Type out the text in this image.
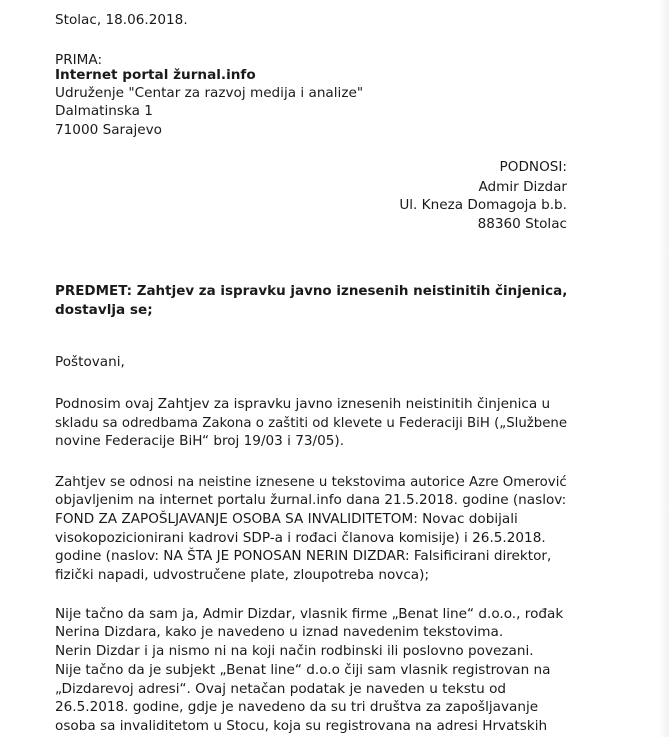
Stolac, 18.06.2018.
PRIMA:
Internet portal žurnal.info
Udruženje "Centar za razvoj medija i analize"
Dalmatinska 1
71000 Sarajevo
PODNOSI:
Admir Dizdar
Ul. Kneza Domagoja b.b.
88360 Stolac
PREDMET: Zahtjev za ispravku javno iznesenih neistinitih činjenica,
dostavlja se;
Poštovani,
Podnosim ovaj Zahtjev za ispravku javno iznesenih neistinitih činjenica u
skladu sa odredbama Zakona o zaštiti od klevete u Federaciji BiH („Službene
novine Federacije BiH“ broj 19/03 i 73/05).
Zahtjev se odnosi na neistine iznesene u tekstovima autorice Azre Omerović
objavljenim na internet portalu žurnal.info dana 21.5.2018. godine (naslov:
FOND ZA ZAPOŠLJAVANJE OSOBA SA INVALIDITETOM: Novac dobijali
visokopozicionirani kadrovi SDP-a i rođaci članova komisije) i 26.5.2018.
godine (naslov: NA ŠTA JE PONOSAN NERIN DIZDAR: Falsificirani direktor,
fizički napadi, udvostručene plate, zloupotreba novca);
Nije tačno da sam ja, Admir Dizdar, vlasnik firme „Benat line“ d.o.o., rođak
Nerina Dizdara, kako je navedeno u iznad navedenim tekstovima.
Nerin Dizdar i ja nismo ni na koji način rodbinski ili poslovno povezani.
Nije tačno da je subjekt „Benat line“ d.o.o čiji sam vlasnik registrovan na
„Dizdarevoj adresi“. Ovaj netačan podatak je naveden u tekstu od
26.5.2018. godine, gdje je navedeno da su tri društva za zapošljavanje
osoba sa invaliditetom u Stocu, koja su registrovana na adresi Hrvatskih
